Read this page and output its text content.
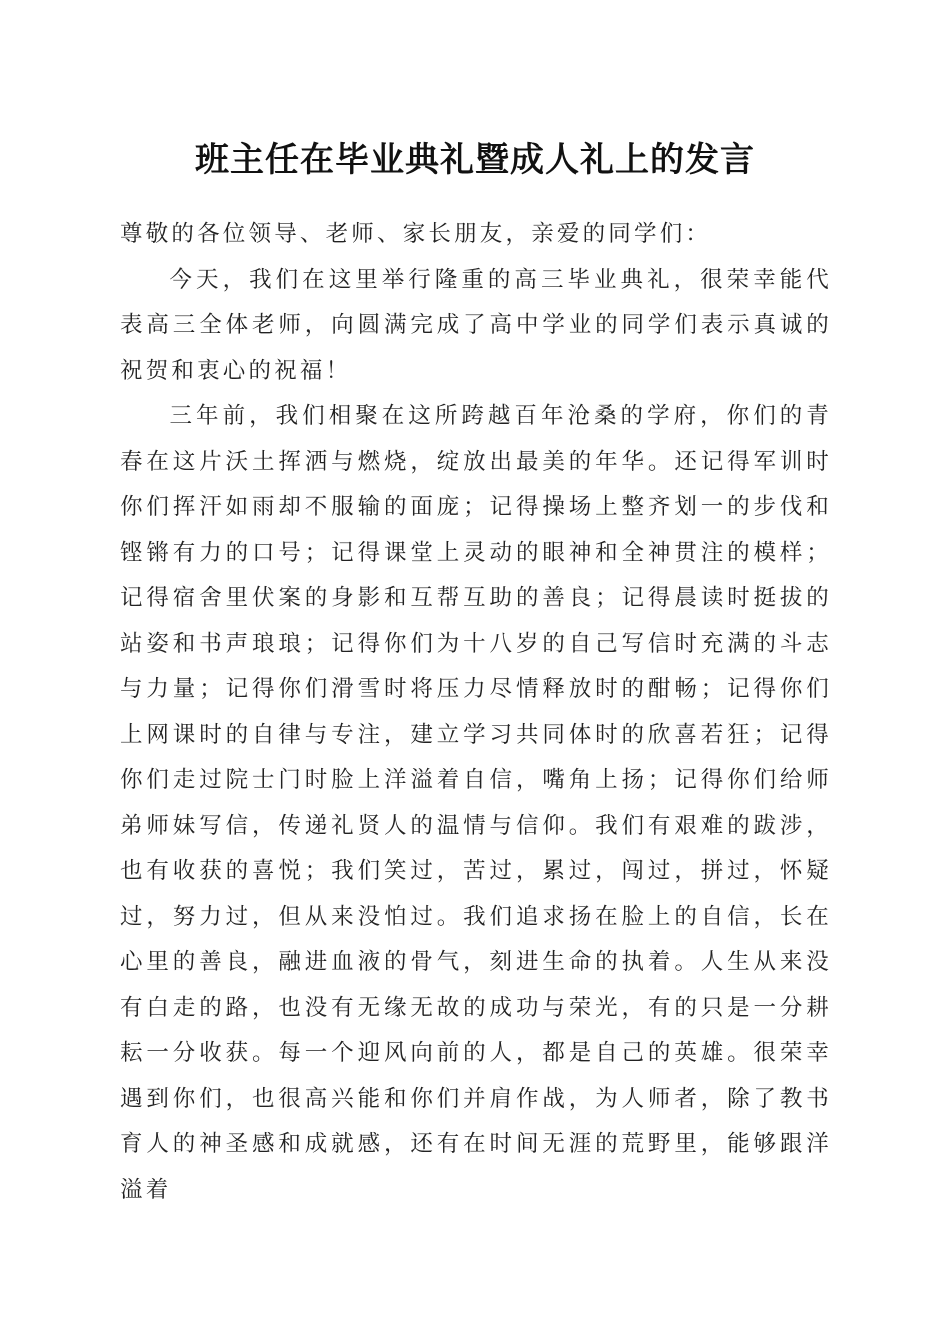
班主任在毕业典礼暨成人礼上的发言

尊敬的各位领导、老师、家长朋友，亲爱的同学们：

今天，我们在这里举行隆重的高三毕业典礼，很荣幸能代表高三全体老师，向圆满完成了高中学业的同学们表示真诚的祝贺和衷心的祝福！

三年前，我们相聚在这所跨越百年沧桑的学府，你们的青春在这片沃土挥洒与燃烧，绽放出最美的年华。还记得军训时你们挥汗如雨却不服输的面庞；记得操场上整齐划一的步伐和铿锵有力的口号；记得课堂上灵动的眼神和全神贯注的模样；记得宿舍里伏案的身影和互帮互助的善良；记得晨读时挺拔的站姿和书声琅琅；记得你们为十八岁的自己写信时充满的斗志与力量；记得你们滑雪时将压力尽情释放时的酣畅；记得你们上网课时的自律与专注，建立学习共同体时的欣喜若狂；记得你们走过院士门时脸上洋溢着自信，嘴角上扬；记得你们给师弟师妹写信，传递礼贤人的温情与信仰。我们有艰难的跋涉，也有收获的喜悦；我们笑过，苦过，累过，闯过，拼过，怀疑过，努力过，但从来没怕过。我们追求扬在脸上的自信，长在心里的善良，融进血液的骨气，刻进生命的执着。人生从来没有白走的路，也没有无缘无故的成功与荣光，有的只是一分耕耘一分收获。每一个迎风向前的人，都是自己的英雄。很荣幸遇到你们，也很高兴能和你们并肩作战，为人师者，除了教书育人的神圣感和成就感，还有在时间无涯的荒野里，能够跟洋溢着
